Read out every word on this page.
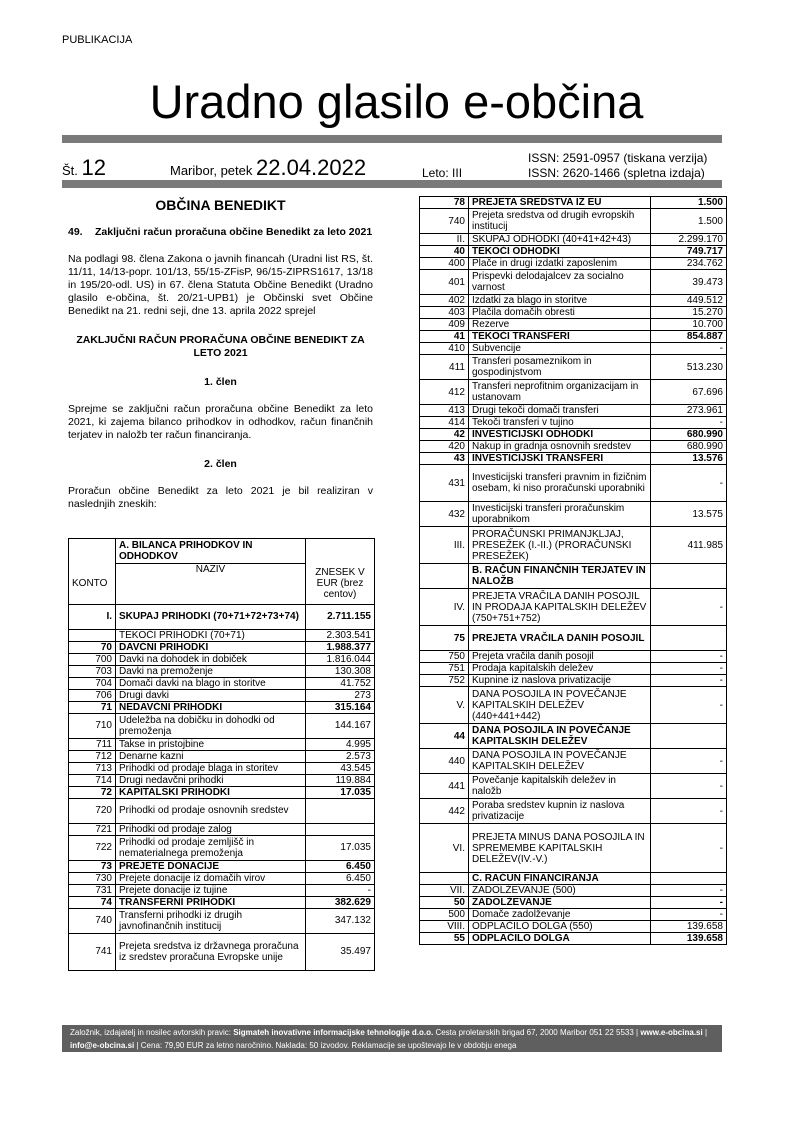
PUBLIKACIJA
Uradno glasilo e-občina
Št. 12	Maribor, petek 22.04.2022	Leto: III
ISSN: 2591-0957 (tiskana verzija)
ISSN: 2620-1466 (spletna izdaja)
OBČINA BENEDIKT
49.	Zaključni račun proračuna občine Benedikt za leto 2021
Na podlagi 98. člena Zakona o javnih financah (Uradni list RS, št. 11/11, 14/13-popr. 101/13, 55/15-ZFisP, 96/15-ZIPRS1617, 13/18 in 195/20-odl. US) in 67. člena Statuta Občine Benedikt (Uradno glasilo e-občina, št. 20/21-UPB1) je Občinski svet Občine Benedikt na 21. redni seji, dne 13. aprila 2022 sprejel
ZAKLJUČNI RAČUN PRORAČUNA OBČINE BENEDIKT ZA LETO 2021
1. člen
Sprejme se zaključni račun proračuna občine Benedikt za leto 2021, ki zajema bilanco prihodkov in odhodkov, račun finančnih terjatev in naložb ter račun financiranja.
2. člen
Proračun občine Benedikt za leto 2021 je bil realiziran v naslednjih zneskih:
	A. BILANCA PRIHODKOV IN ODHODKOV	
KONTO	NAZIV	ZNESEK V EUR (brez centov)
I.	SKUPAJ PRIHODKI (70+71+72+73+74)	2.711.155
	TEKOČI PRIHODKI (70+71)	2.303.541
70	DAVČNI PRIHODKI	1.988.377
700	Davki na dohodek in dobiček	1.816.044
703	Davki na premoženje	130.308
704	Domači davki na blago in storitve	41.752
706	Drugi davki	273
71	NEDAVČNI PRIHODKI	315.164
710	Udeležba na dobičku in dohodki od premoženja	144.167
711	Takse in pristojbine	4.995
712	Denarne kazni	2.573
713	Prihodki od prodaje blaga in storitev	43.545
714	Drugi nedavčni prihodki	119.884
72	KAPITALSKI PRIHODKI	17.035
720	Prihodki od prodaje osnovnih sredstev	
721	Prihodki od prodaje zalog	
722	Prihodki od prodaje zemljišč in nematerialnega premoženja	17.035
73	PREJETE DONACIJE	6.450
730	Prejete donacije iz domačih virov	6.450
731	Prejete donacije iz tujine	-
74	TRANSFERNI PRIHODKI	382.629
740	Transferni prihodki iz drugih javnofinančnih institucij	347.132
741	Prejeta sredstva iz državnega proračuna iz sredstev proračuna Evropske unije	35.497
78	PREJETA SREDSTVA IZ EU	1.500
740	Prejeta sredstva od drugih evropskih institucij	1.500
II.	SKUPAJ ODHODKI (40+41+42+43)	2.299.170
40	TEKOČI ODHODKI	749.717
400	Plače in drugi izdatki zaposlenim	234.762
401	Prispevki delodajalcev za socialno varnost	39.473
402	Izdatki za blago in storitve	449.512
403	Plačila domačih obresti	15.270
409	Rezerve	10.700
41	TEKOČI TRANSFERI	854.887
410	Subvencije	-
411	Transferi posameznikom in gospodinjstvom	513.230
412	Transferi neprofitnim organizacijam in ustanovam	67.696
413	Drugi tekoči domači transferi	273.961
414	Tekoči transferi v tujino	-
42	INVESTICIJSKI ODHODKI	680.990
420	Nakup in gradnja osnovnih sredstev	680.990
43	INVESTICIJSKI TRANSFERI	13.576
431	Investicijski transferi pravnim in fizičnim osebam, ki niso proračunski uporabniki	-
432	Investicijski transferi proračunskim uporabnikom	13.575
III.	PRORAČUNSKI PRIMANJKLJAJ, PRESEŽEK (I.-II.) (PRORAČUNSKI PRESEŽEK)	411.985
	B. RAČUN FINANČNIH TERJATEV IN NALOŽB	
IV.	PREJETA VRAČILA DANIH POSOJIL IN PRODAJA KAPITALSKIH DELEŽEV (750+751+752)	-
75	PREJETA VRAČILA DANIH POSOJIL	
750	Prejeta vračila danih posojil	-
751	Prodaja kapitalskih deležev	-
752	Kupnine iz naslova privatizacije	-
V.	DANA POSOJILA IN POVEČANJE KAPITALSKIH DELEŽEV (440+441+442)	-
44	DANA POSOJILA IN POVEČANJE KAPITALSKIH DELEŽEV	
440	DANA POSOJILA IN POVEČANJE KAPITALSKIH DELEŽEV	-
441	Povečanje kapitalskih deležev in naložb	-
442	Poraba sredstev kupnin iz naslova privatizacije	-
VI.	PREJETA MINUS DANA POSOJILA IN SPREMEMBE KAPITALSKIH DELEŽEV(IV.-V.)	-
	C. RAČUN FINANCIRANJA	
VII.	ZADOLŽEVANJE (500)	-
50	ZADOLŽEVANJE	-
500	Domače zadolževanje	-
VIII.	ODPLAČILO DOLGA (550)	139.658
55	ODPLAČILO DOLGA	139.658
Založnik, izdajatelj in nosilec avtorskih pravic: Sigmateh inovativne informacijske tehnologije d.o.o. Cesta proletarskih brigad 67, 2000 Maribor 051 22 5533 | www.e-obcina.si | info@e-obcina.si | Cena: 79,90 EUR za letno naročnino. Naklada: 50 izvodov. Reklamacije se upoštevajo le v obdobju enega
